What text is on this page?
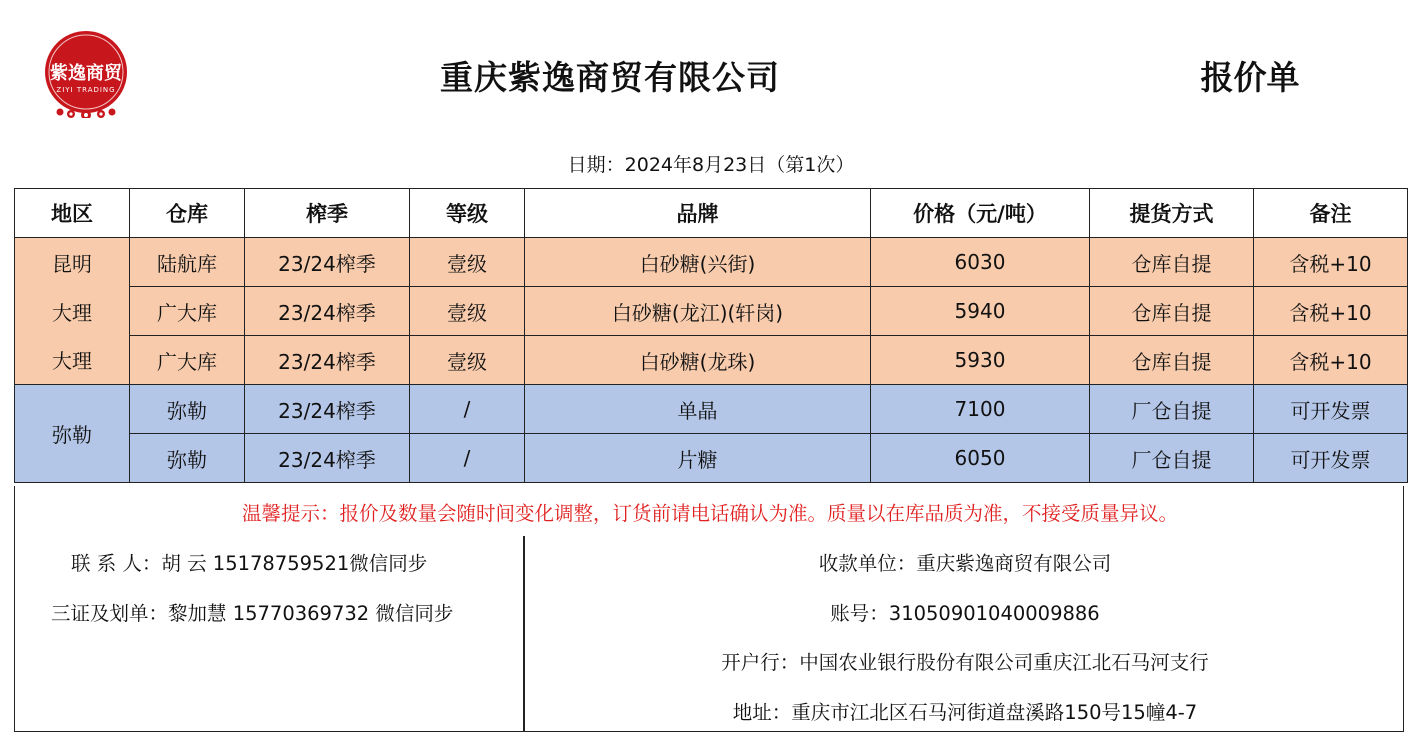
紫逸商贸
ZIYI TRADING	重庆紫逸商贸有限公司	报价单
日期：2024年8月23日（第1次）
地区	仓库	榨季	等级	品牌	价格（元/吨）	提货方式	备注
昆明	陆航库	23/24榨季	壹级	白砂糖(兴街)	6030	仓库自提	含税+10
大理	广大库	23/24榨季	壹级	白砂糖(龙江)(轩岗)	5940	仓库自提	含税+10
大理	广大库	23/24榨季	壹级	白砂糖(龙珠)	5930	仓库自提	含税+10
弥勒	弥勒	23/24榨季	/	单晶	7100	厂仓自提	可开发票
	弥勒	23/24榨季	/	片糖	6050	厂仓自提	可开发票
温馨提示：报价及数量会随时间变化调整，订货前请电话确认为准。质量以在库品质为准，不接受质量异议。
联 系 人：胡 云 15178759521微信同步
三证及划单：黎加慧 15770369732 微信同步
收款单位：重庆紫逸商贸有限公司
账号：31050901040009886
开户行：中国农业银行股份有限公司重庆江北石马河支行
地址：重庆市江北区石马河街道盘溪路150号15幢4-7
